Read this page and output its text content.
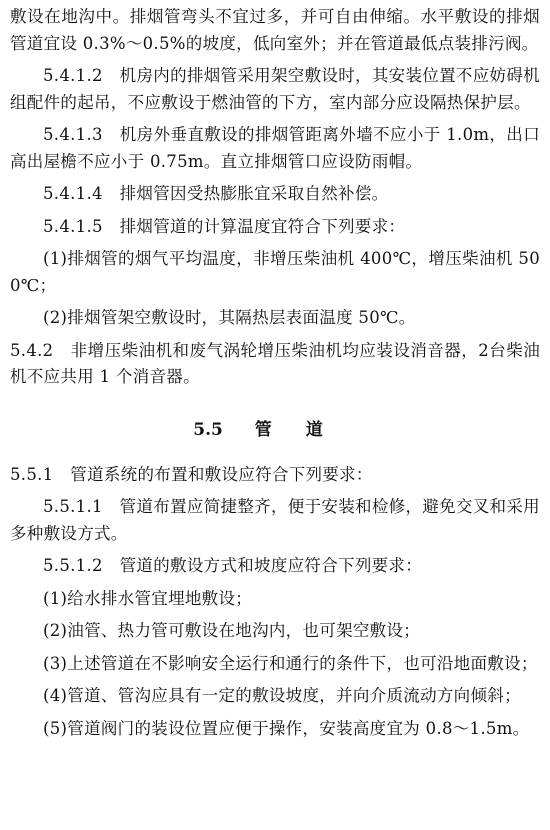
敷设在地沟中。排烟管弯头不宜过多，并可自由伸缩。水平敷设的排烟管道宜设 0.3%～0.5%的坡度，低向室外；并在管道最低点装排污阀。

5.4.1.2　机房内的排烟管采用架空敷设时，其安装位置不应妨碍机组配件的起吊，不应敷设于燃油管的下方，室内部分应设隔热保护层。

5.4.1.3　机房外垂直敷设的排烟管距离外墙不应小于 1.0m，出口高出屋檐不应小于 0.75m。直立排烟管口应设防雨帽。

5.4.1.4　排烟管因受热膨胀宜采取自然补偿。

5.4.1.5　排烟管道的计算温度宜符合下列要求：

(1)排烟管的烟气平均温度，非增压柴油机 400℃，增压柴油机 500℃；

(2)排烟管架空敷设时，其隔热层表面温度 50℃。

5.4.2　非增压柴油机和废气涡轮增压柴油机均应装设消音器，2台柴油机不应共用 1 个消音器。

5.5 管道

5.5.1　管道系统的布置和敷设应符合下列要求：

5.5.1.1　管道布置应简捷整齐，便于安装和检修，避免交叉和采用多种敷设方式。

5.5.1.2　管道的敷设方式和坡度应符合下列要求：

(1)给水排水管宜埋地敷设；

(2)油管、热力管可敷设在地沟内，也可架空敷设；

(3)上述管道在不影响安全运行和通行的条件下，也可沿地面敷设；

(4)管道、管沟应具有一定的敷设坡度，并向介质流动方向倾斜；

(5)管道阀门的装设位置应便于操作，安装高度宜为 0.8～1.5m。
